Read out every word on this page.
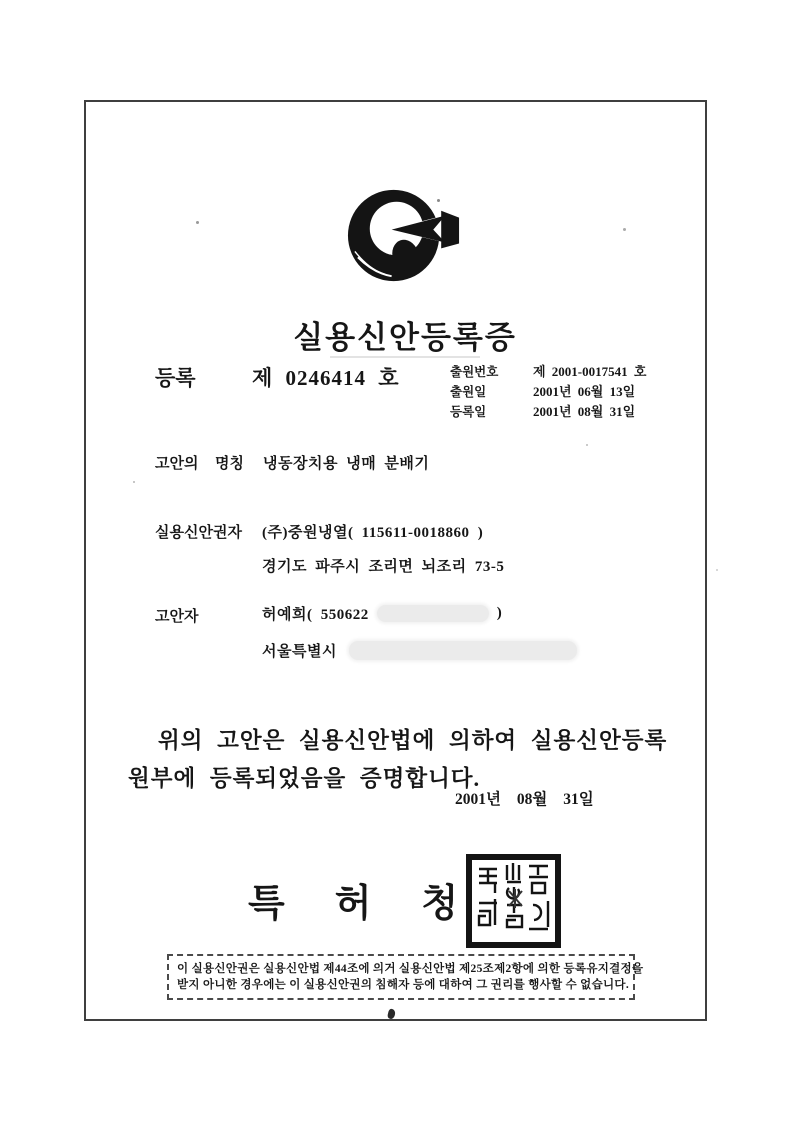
실용신안등록증
등록	제 0246414 호	출원번호	제 2001-0017541 호
출원일	2001년 06월 13일
등록일	2001년 08월 31일
고안의 명칭 냉동장치용 냉매 분배기
실용신안권자 (주)중원냉열( 115611-0018860 )
경기도 파주시 조리면 뇌조리 73-5
고안자	허예희( 550622	)
서울특별시
위의 고안은 실용신안법에 의하여 실용신안등록
원부에 등록되었음을 증명합니다.
2001년 08월 31일
특허청
이 실용신안권은 실용신안법 제44조에 의거 실용신안법 제25조제2항에 의한 등록유지결정을
받지 아니한 경우에는 이 실용신안권의 침해자 등에 대하여 그 권리를 행사할 수 없습니다.
